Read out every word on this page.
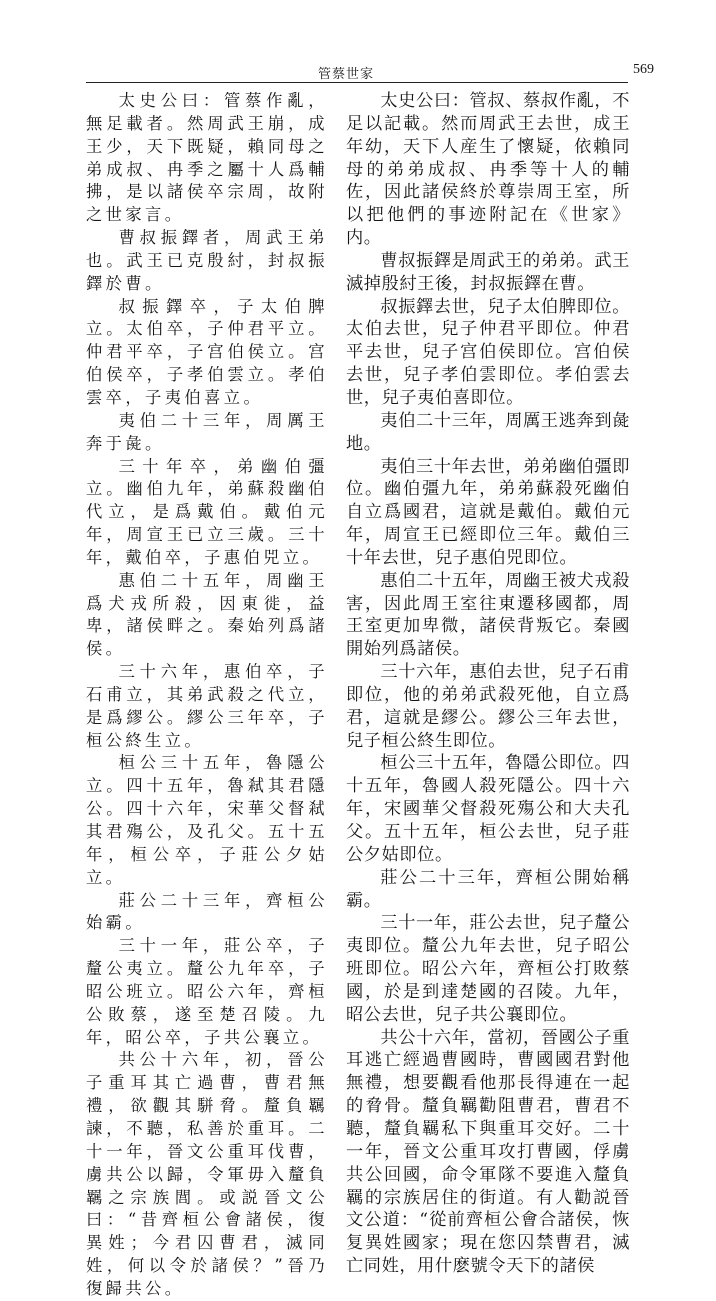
管蔡世家	569

太史公曰：管蔡作亂，無足載者。然周武王崩，成王少，天下既疑，賴同母之弟成叔、冉季之屬十人爲輔拂，是以諸侯卒宗周，故附之世家言。

曹叔振鐸者，周武王弟也。武王已克殷紂，封叔振鐸於曹。

叔振鐸卒，子太伯脾立。太伯卒，子仲君平立。仲君平卒，子宫伯侯立。宫伯侯卒，子孝伯雲立。孝伯雲卒，子夷伯喜立。

夷伯二十三年，周厲王奔于彘。

三十年卒，弟幽伯彊立。幽伯九年，弟蘇殺幽伯代立，是爲戴伯。戴伯元年，周宣王已立三歲。三十年，戴伯卒，子惠伯兕立。

惠伯二十五年，周幽王爲犬戎所殺，因東徙，益卑，諸侯畔之。秦始列爲諸侯。

三十六年，惠伯卒，子石甫立，其弟武殺之代立，是爲繆公。繆公三年卒，子桓公終生立。

桓公三十五年，魯隱公立。四十五年，魯弒其君隱公。四十六年，宋華父督弒其君殤公，及孔父。五十五年，桓公卒，子莊公夕姑立。

莊公二十三年，齊桓公始霸。

三十一年，莊公卒，子釐公夷立。釐公九年卒，子昭公班立。昭公六年，齊桓公敗蔡，遂至楚召陵。九年，昭公卒，子共公襄立。

共公十六年，初，晉公子重耳其亡過曹，曹君無禮，欲觀其駢脅。釐負羈諫，不聽，私善於重耳。二十一年，晉文公重耳伐曹，虜共公以歸，令軍毋入釐負羈之宗族閭。或説晉文公曰：“昔齊桓公會諸侯，復異姓；今君囚曹君，滅同姓，何以令於諸侯？”晉乃復歸共公。

太史公曰：管叔、蔡叔作亂，不足以記載。然而周武王去世，成王年幼，天下人産生了懷疑，依賴同母的弟弟成叔、冉季等十人的輔佐，因此諸侯終於尊崇周王室，所以把他們的事迹附記在《世家》内。

曹叔振鐸是周武王的弟弟。武王滅掉殷紂王後，封叔振鐸在曹。

叔振鐸去世，兒子太伯脾即位。太伯去世，兒子仲君平即位。仲君平去世，兒子宫伯侯即位。宫伯侯去世，兒子孝伯雲即位。孝伯雲去世，兒子夷伯喜即位。

夷伯二十三年，周厲王逃奔到彘地。

夷伯三十年去世，弟弟幽伯彊即位。幽伯彊九年，弟弟蘇殺死幽伯自立爲國君，這就是戴伯。戴伯元年，周宣王已經即位三年。戴伯三十年去世，兒子惠伯兕即位。

惠伯二十五年，周幽王被犬戎殺害，因此周王室往東遷移國都，周王室更加卑微，諸侯背叛它。秦國開始列爲諸侯。

三十六年，惠伯去世，兒子石甫即位，他的弟弟武殺死他，自立爲君，這就是繆公。繆公三年去世，兒子桓公終生即位。

桓公三十五年，魯隱公即位。四十五年，魯國人殺死隱公。四十六年，宋國華父督殺死殤公和大夫孔父。五十五年，桓公去世，兒子莊公夕姑即位。

莊公二十三年，齊桓公開始稱霸。

三十一年，莊公去世，兒子釐公夷即位。釐公九年去世，兒子昭公班即位。昭公六年，齊桓公打敗蔡國，於是到達楚國的召陵。九年，昭公去世，兒子共公襄即位。

共公十六年，當初，晉國公子重耳逃亡經過曹國時，曹國國君對他無禮，想要觀看他那長得連在一起的脅骨。釐負羈勸阻曹君，曹君不聽，釐負羈私下與重耳交好。二十一年，晉文公重耳攻打曹國，俘虜共公回國，命令軍隊不要進入釐負羈的宗族居住的街道。有人勸説晉文公道：“從前齊桓公會合諸侯，恢复異姓國家；現在您囚禁曹君，滅亡同姓，用什麽號令天下的諸侯
